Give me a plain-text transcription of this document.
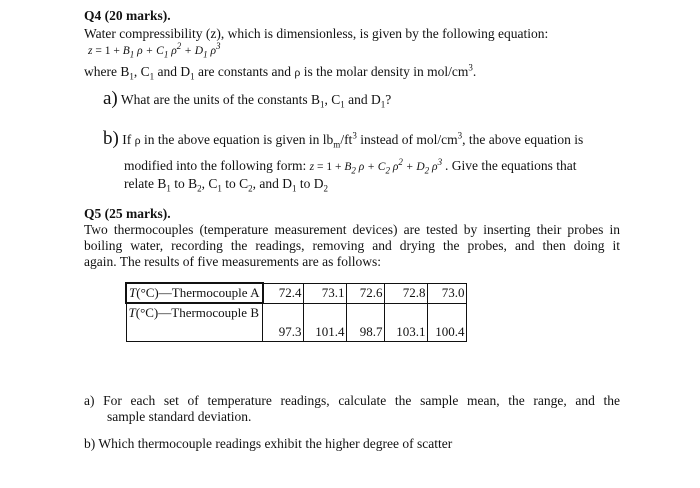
Q4 (20 marks).
Water compressibility (z), which is dimensionless, is given by the following equation:
$z = 1 + B_1$ $\rho + C_1$ $\rho^2 + D_1$ $\rho^3$
where $B_1$, $C_1$ and $D_1$ are constants and ρ is the molar density in mol/$cm^3$.
a) What are the units of the constants $B_1$, $C_1$ and $D_1$?
b) If ρ in the above equation is given in $lb_m/ft^3$ instead of mol/$cm^3$, the above equation is
modified into the following form: $z = 1 + B_2$ $\rho + C_2$ $\rho^2 + D_2$ $\rho^3$ . Give the equations that
relate $B_1$ to $B_2$, $C_1$ to $C_2$, and $D_1$ to $D_2$
Q5 (25 marks).
Two thermocouples (temperature measurement devices) are tested by inserting their probes in
boiling water, recording the readings, removing and drying the probes, and then doing it
again. The results of five measurements are as follows:
T(°C)—Thermocouple A	72.4	73.1	72.6	72.8	73.0
T(°C)—Thermocouple B	97.3	101.4	98.7	103.1	100.4
a) For each set of temperature readings, calculate the sample mean, the range, and the
sample standard deviation.
b) Which thermocouple readings exhibit the higher degree of scatter
